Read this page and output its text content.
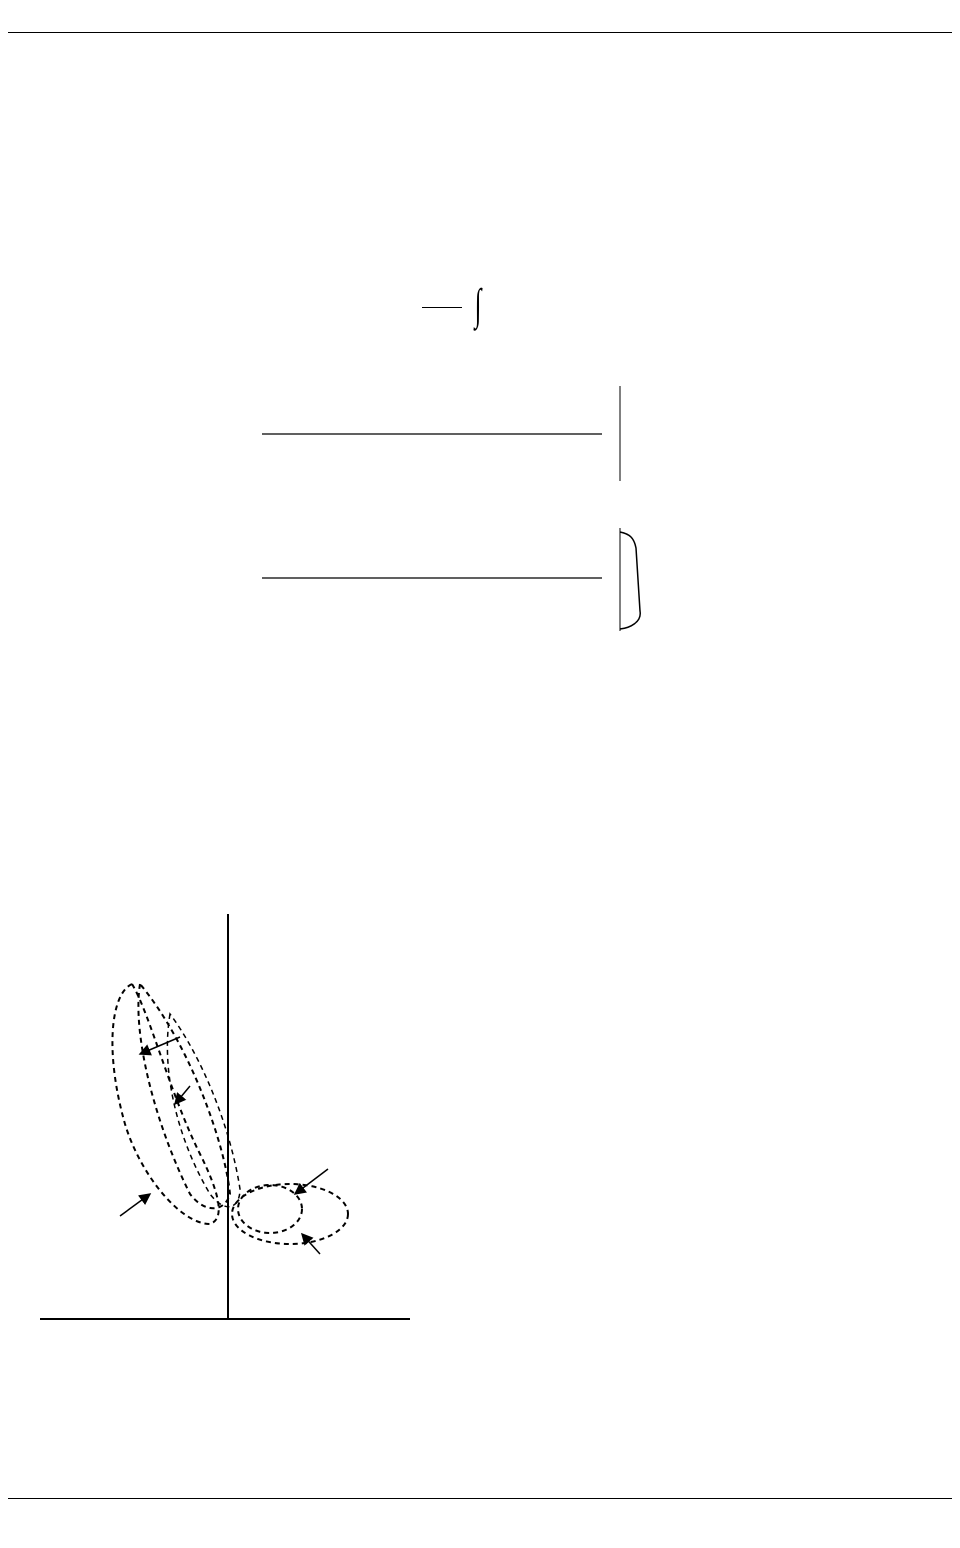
∫
